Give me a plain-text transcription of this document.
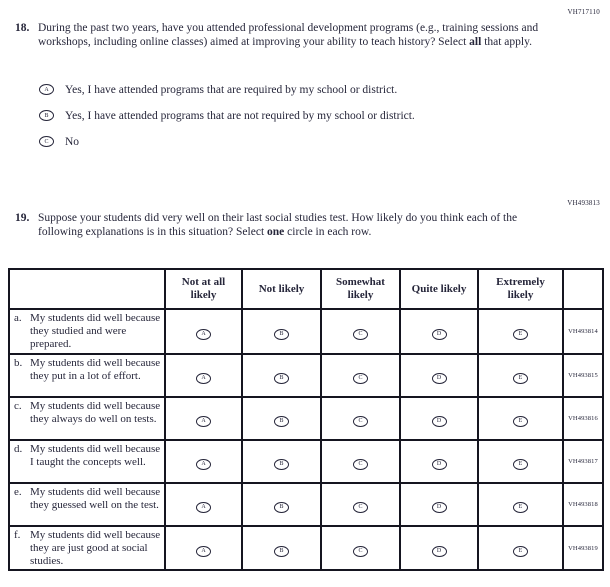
VH717110
18. During the past two years, have you attended professional development programs (e.g., training sessions and workshops, including online classes) aimed at improving your ability to teach history? Select all that apply.
A Yes, I have attended programs that are required by my school or district.
B Yes, I have attended programs that are not required by my school or district.
C No
VH493813
19. Suppose your students did very well on their last social studies test. How likely do you think each of the following explanations is in this situation? Select one circle in each row.
	Not at all likely	Not likely	Somewhat likely	Quite likely	Extremely likely	

a. My students did well because they studied and were prepared.	A	B	C	D	E	VH493814

b. My students did well because they put in a lot of effort.	A	B	C	D	E	VH493815

c. My students did well because they always do well on tests.	A	B	C	D	E	VH493816

d. My students did well because I taught the concepts well.	A	B	C	D	E	VH493817

e. My students did well because they guessed well on the test.	A	B	C	D	E	VH493818

f. My students did well because they are just good at social studies.	A	B	C	D	E	VH493819
